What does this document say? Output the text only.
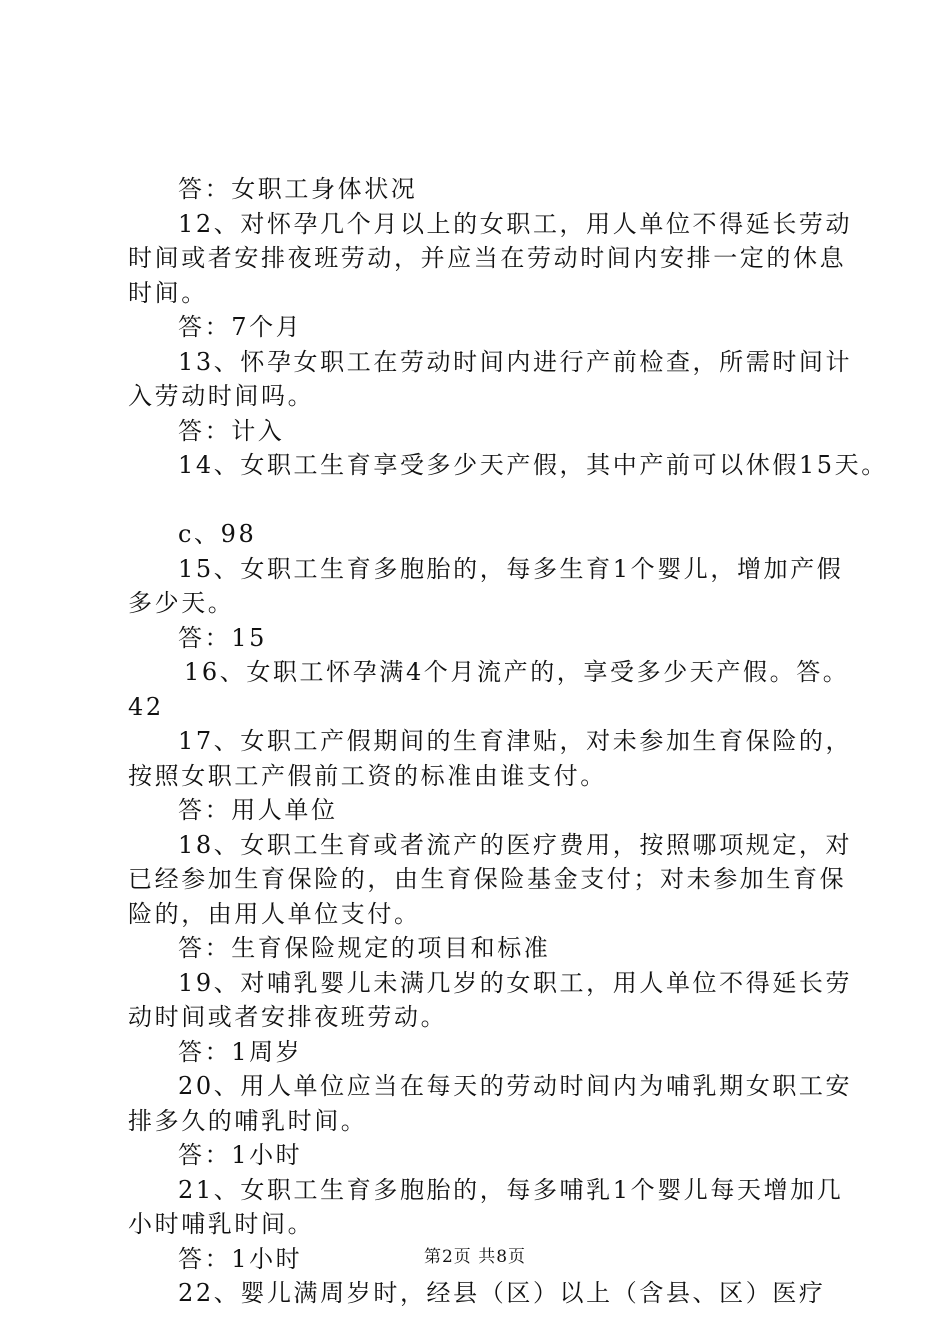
答：女职工身体状况
12、对怀孕几个月以上的女职工，用人单位不得延长劳动
时间或者安排夜班劳动，并应当在劳动时间内安排一定的休息
时间。
答：7个月
13、怀孕女职工在劳动时间内进行产前检查，所需时间计
入劳动时间吗。
答：计入
14、女职工生育享受多少天产假，其中产前可以休假15天。
c、98
15、女职工生育多胞胎的，每多生育1个婴儿，增加产假
多少天。
答：15
16、女职工怀孕满4个月流产的，享受多少天产假。答。
42
17、女职工产假期间的生育津贴，对未参加生育保险的，
按照女职工产假前工资的标准由谁支付。
答：用人单位
18、女职工生育或者流产的医疗费用，按照哪项规定，对
已经参加生育保险的，由生育保险基金支付；对未参加生育保
险的，由用人单位支付。
答：生育保险规定的项目和标准
19、对哺乳婴儿未满几岁的女职工，用人单位不得延长劳
动时间或者安排夜班劳动。
答：1周岁
20、用人单位应当在每天的劳动时间内为哺乳期女职工安
排多久的哺乳时间。
答：1小时
21、女职工生育多胞胎的，每多哺乳1个婴儿每天增加几
小时哺乳时间。
答：1小时
22、婴儿满周岁时，经县（区）以上（含县、区）医疗
第2页 共8页
